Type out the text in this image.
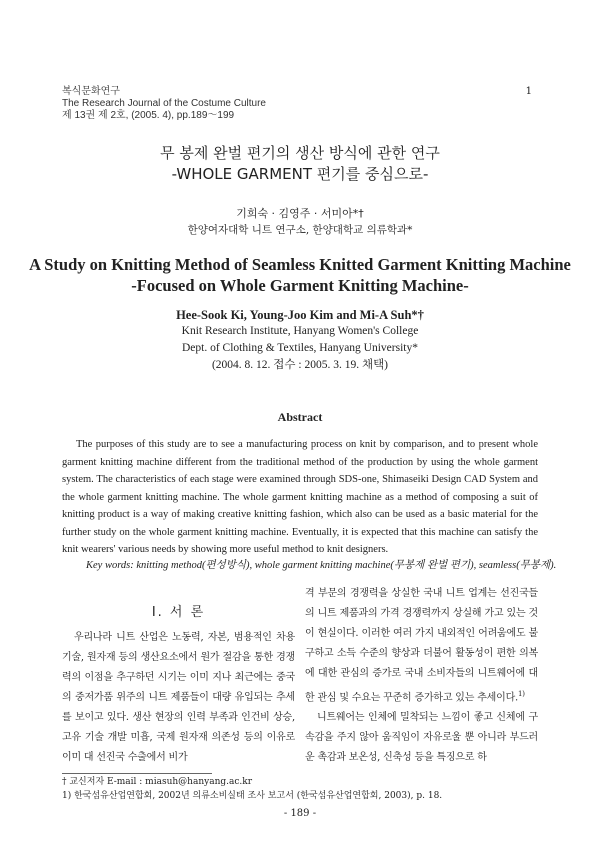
복식문화연구
The Research Journal of the Costume Culture
제 13권 제 2호, (2005. 4), pp.189～199
1
무 봉제 완벌 편기의 생산 방식에 관한 연구
-WHOLE GARMENT 편기를 중심으로-
기희숙 · 김영주 · 서미아*†
한양여자대학 니트 연구소, 한양대학교 의류학과*
A Study on Knitting Method of Seamless Knitted Garment Knitting Machine
-Focused on Whole Garment Knitting Machine-
Hee-Sook Ki, Young-Joo Kim and Mi-A Suh*†
Knit Research Institute, Hanyang Women's College
Dept. of Clothing & Textiles, Hanyang University*
(2004. 8. 12. 접수 : 2005. 3. 19. 채택)
Abstract

The purposes of this study are to see a manufacturing process on knit by comparison, and to present whole garment knitting machine different from the traditional method of the production by using the whole garment system. The characteristics of each stage were examined through SDS-one, Shimaseiki Design CAD System and the whole garment knitting machine. The whole garment knitting machine as a method of composing a suit of knitting product is a way of making creative knitting fashion, which also can be used as a basic material for the further study on the whole garment knitting machine. Eventually, it is expected that this machine can satisfy the knit wearers' various needs by showing more useful method to knit designers.

Key words: knitting method(편성방식), whole garment knitting machine(무봉제 완벌 편기), seamless(무봉제).
Ⅰ. 서 론

우리나라 니트 산업은 노동력, 자본, 범용적인 차용 기술, 원자재 등의 생산요소에서 원가 절감을 통한 경쟁력의 이점을 추구하던 시기는 이미 지나 최근에는 중국의 중저가품 위주의 니트 제품들이 대량 유입되는 추세를 보이고 있다. 생산 현장의 인력 부족과 인건비 상승, 고유 기술 개발 미흡, 국제 원자재 의존성 등의 이유로 이미 대 선진국 수출에서 비가

격 부문의 경쟁력을 상실한 국내 니트 업계는 선진국들의 니트 제품과의 가격 경쟁력까지 상실해 가고 있는 것이 현실이다. 이러한 여러 가지 내외적인 어려움에도 불구하고 소득 수준의 향상과 더불어 활동성이 편한 의복에 대한 관심의 증가로 국내 소비자들의 니트웨어에 대한 관심 및 수요는 꾸준히 증가하고 있는 추세이다.$^{1)}$

니트웨어는 인체에 밀착되는 느낌이 좋고 신체에 구속감을 주지 않아 움직임이 자유로울 뿐 아니라 부드러운 촉감과 보온성, 신축성 등을 특징으로 하

† 교신저자 E-mail : miasuh@hanyang.ac.kr
1) 한국섬유산업연합회, 2002년 의류소비실태 조사 보고서 (한국섬유산업연합회, 2003), p. 18.
- 189 -
